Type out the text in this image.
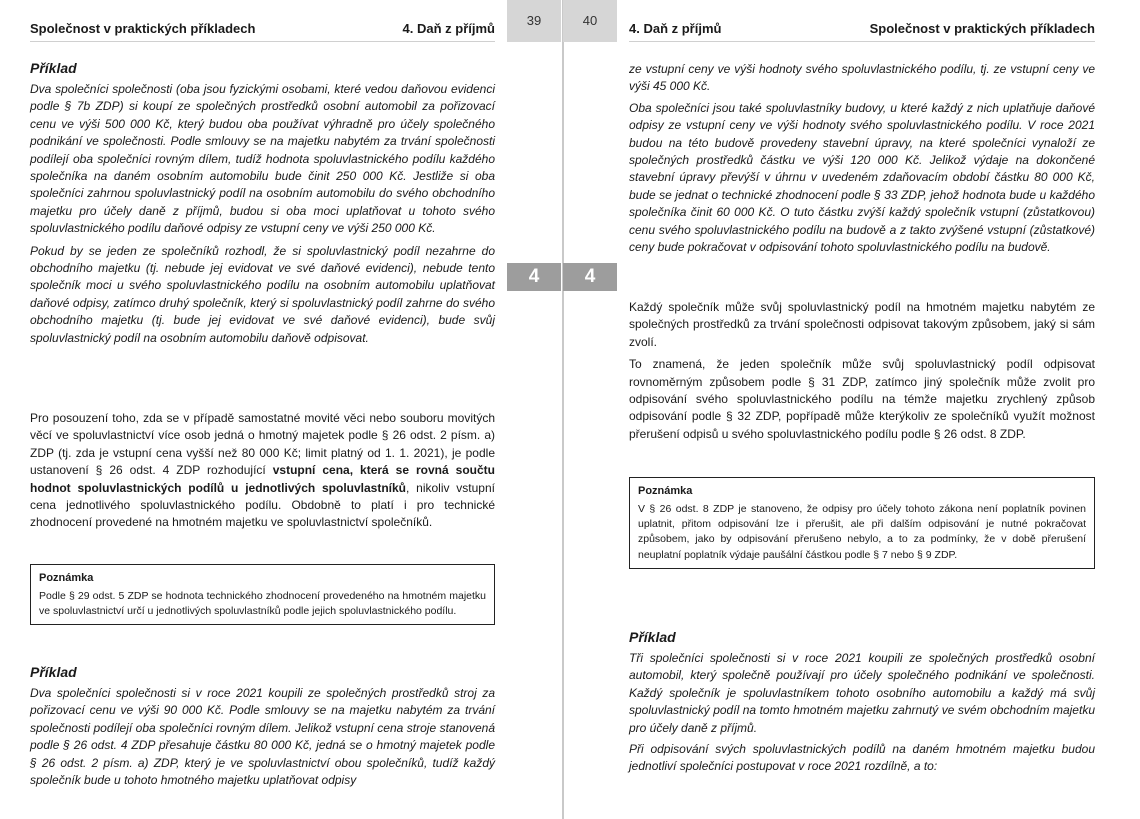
Společnost v praktických příkladech	4. Daň z příjmů

Příklad

Dva společníci společnosti (oba jsou fyzickými osobami, které vedou daňovou evidenci podle § 7b ZDP) si koupí ze společných prostředků osobní automobil za pořizovací cenu ve výši 500 000 Kč, který budou oba používat výhradně pro účely společného podnikání ve společnosti. Podle smlouvy se na majetku nabytém za trvání společnosti podílejí oba společníci rovným dílem, tudíž hodnota spoluvlastnického podílu každého společníka na daném osobním automobilu bude činit 250 000 Kč. Jestliže si oba společníci zahrnou spoluvlastnický podíl na osobním automobilu do svého obchodního majetku pro účely daně z příjmů, budou si oba moci uplatňovat u tohoto svého spoluvlastnického podílu daňové odpisy ze vstupní ceny ve výši 250 000 Kč.

Pokud by se jeden ze společníků rozhodl, že si spoluvlastnický podíl nezahrne do obchodního majetku (tj. nebude jej evidovat ve své daňové evidenci), nebude tento společník moci u svého spoluvlastnického podílu na osobním automobilu uplatňovat daňové odpisy, zatímco druhý společník, který si spoluvlastnický podíl zahrne do svého obchodního majetku (tj. bude jej evidovat ve své daňové evidenci), bude svůj spoluvlastnický podíl na osobním automobilu daňově odpisovat.

Pro posouzení toho, zda se v případě samostatné movité věci nebo souboru movitých věcí ve spoluvlastnictví více osob jedná o hmotný majetek podle § 26 odst. 2 písm. a) ZDP (tj. zda je vstupní cena vyšší než 80 000 Kč; limit platný od 1. 1. 2021), je podle ustanovení § 26 odst. 4 ZDP rozhodující vstupní cena, která se rovná součtu hodnot spoluvlastnických podílů u jednotlivých spoluvlastníků, nikoliv vstupní cena jednotlivého spoluvlastnického podílu. Obdobně to platí i pro technické zhodnocení provedené na hmotném majetku ve spoluvlastnictví společníků.

Poznámka

Podle § 29 odst. 5 ZDP se hodnota technického zhodnocení provedeného na hmotném majetku ve spoluvlastnictví určí u jednotlivých spoluvlastníků podle jejich spoluvlastnického podílu.

Příklad

Dva společníci společnosti si v roce 2021 koupili ze společných prostředků stroj za pořizovací cenu ve výši 90 000 Kč. Podle smlouvy se na majetku nabytém za trvání společnosti podílejí oba společníci rovným dílem. Jelikož vstupní cena stroje stanovená podle § 26 odst. 4 ZDP přesahuje částku 80 000 Kč, jedná se o hmotný majetek podle § 26 odst. 2 písm. a) ZDP, který je ve spoluvlastnictví obou společníků, tudíž každý společník bude u tohoto hmotného majetku uplatňovat odpisy

39	40
4	4
4. Daň z příjmů	Společnost v praktických příkladech

ze vstupní ceny ve výši hodnoty svého spoluvlastnického podílu, tj. ze vstupní ceny ve výši 45 000 Kč.

Oba společníci jsou také spoluvlastníky budovy, u které každý z nich uplatňuje daňové odpisy ze vstupní ceny ve výši hodnoty svého spoluvlastnického podílu. V roce 2021 budou na této budově provedeny stavební úpravy, na které společníci vynaloží ze společných prostředků částku ve výši 120 000 Kč. Jelikož výdaje na dokončené stavební úpravy převýší v úhrnu v uvedeném zdaňovacím období částku 80 000 Kč, bude se jednat o technické zhodnocení podle § 33 ZDP, jehož hodnota bude u každého společníka činit 60 000 Kč. O tuto částku zvýší každý společník vstupní (zůstatkovou) cenu svého spoluvlastnického podílu na budově a z takto zvýšené vstupní (zůstatkové) ceny bude pokračovat v odpisování tohoto spoluvlastnického podílu na budově.

Každý společník může svůj spoluvlastnický podíl na hmotném majetku nabytém ze společných prostředků za trvání společnosti odpisovat takovým způsobem, jaký si sám zvolí.

To znamená, že jeden společník může svůj spoluvlastnický podíl odpisovat rovnoměrným způsobem podle § 31 ZDP, zatímco jiný společník může zvolit pro odpisování svého spoluvlastnického podílu na témže majetku zrychlený způsob odpisování podle § 32 ZDP, popřípadě může kterýkoliv ze společníků využít možnost přerušení odpisů u svého spoluvlastnického podílu podle § 26 odst. 8 ZDP.

Poznámka

V § 26 odst. 8 ZDP je stanoveno, že odpisy pro účely tohoto zákona není poplatník povinen uplatnit, přitom odpisování lze i přerušit, ale při dalším odpisování je nutné pokračovat způsobem, jako by odpisování přerušeno nebylo, a to za podmínky, že v době přerušení neuplatní poplatník výdaje paušální částkou podle § 7 nebo § 9 ZDP.

Příklad

Tři společníci společnosti si v roce 2021 koupili ze společných prostředků osobní automobil, který společně používají pro účely společného podnikání ve společnosti. Každý společník je spoluvlastníkem tohoto osobního automobilu a každý má svůj spoluvlastnický podíl na tomto hmotném majetku zahrnutý ve svém obchodním majetku pro účely daně z příjmů.

Při odpisování svých spoluvlastnických podílů na daném hmotném majetku budou jednotliví společníci postupovat v roce 2021 rozdílně, a to:
